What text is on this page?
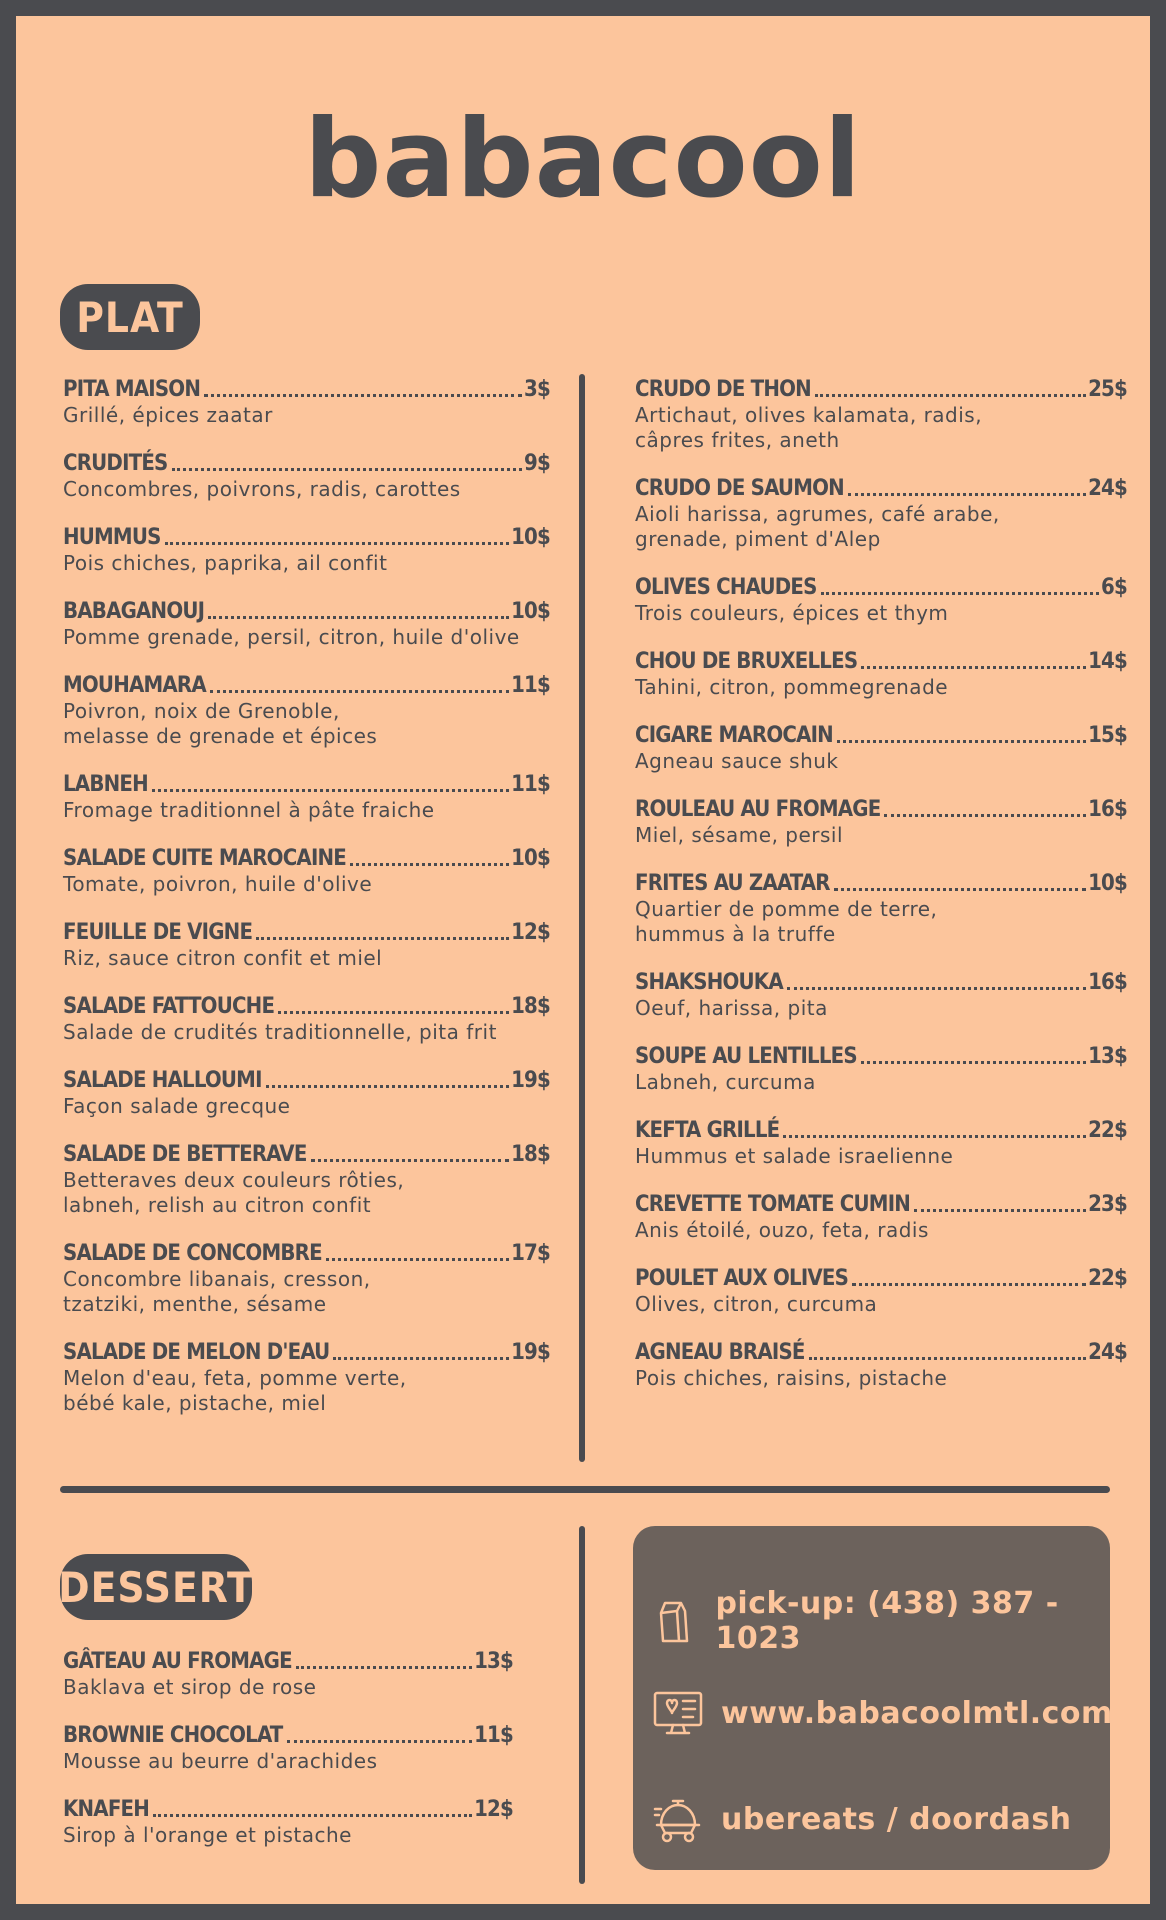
babacool
PLAT
PITA MAISON	3$
Grillé, épices zaatar
CRUDITÉS	9$
Concombres, poivrons, radis, carottes
HUMMUS	10$
Pois chiches, paprika, ail confit
BABAGANOUJ	10$
Pomme grenade, persil, citron, huile d'olive
MOUHAMARA	11$
Poivron, noix de Grenoble,
melasse de grenade et épices
LABNEH	11$
Fromage traditionnel à pâte fraiche
SALADE CUITE MAROCAINE	10$
Tomate, poivron, huile d'olive
FEUILLE DE VIGNE	12$
Riz, sauce citron confit et miel
SALADE FATTOUCHE	18$
Salade de crudités traditionnelle, pita frit
SALADE HALLOUMI	19$
Façon salade grecque
SALADE DE BETTERAVE	18$
Betteraves deux couleurs rôties,
labneh, relish au citron confit
SALADE DE CONCOMBRE	17$
Concombre libanais, cresson,
tzatziki, menthe, sésame
SALADE DE MELON D'EAU	19$
Melon d'eau, feta, pomme verte,
bébé kale, pistache, miel
CRUDO DE THON	25$
Artichaut, olives kalamata, radis,
câpres frites, aneth
CRUDO DE SAUMON	24$
Aioli harissa, agrumes, café arabe,
grenade, piment d'Alep
OLIVES CHAUDES	6$
Trois couleurs, épices et thym
CHOU DE BRUXELLES	14$
Tahini, citron, pommegrenade
CIGARE MAROCAIN	15$
Agneau sauce shuk
ROULEAU AU FROMAGE	16$
Miel, sésame, persil
FRITES AU ZAATAR	10$
Quartier de pomme de terre,
hummus à la truffe
SHAKSHOUKA	16$
Oeuf, harissa, pita
SOUPE AU LENTILLES	13$
Labneh, curcuma
KEFTA GRILLÉ	22$
Hummus et salade israelienne
CREVETTE TOMATE CUMIN	23$
Anis étoilé, ouzo, feta, radis
POULET AUX OLIVES	22$
Olives, citron, curcuma
AGNEAU BRAISÉ	24$
Pois chiches, raisins, pistache
DESSERT
GÂTEAU AU FROMAGE	13$
Baklava et sirop de rose
BROWNIE CHOCOLAT	11$
Mousse au beurre d'arachides
KNAFEH	12$
Sirop à l'orange et pistache
pick-up: (438) 387 - 1023
www.babacoolmtl.com
ubereats / doordash
